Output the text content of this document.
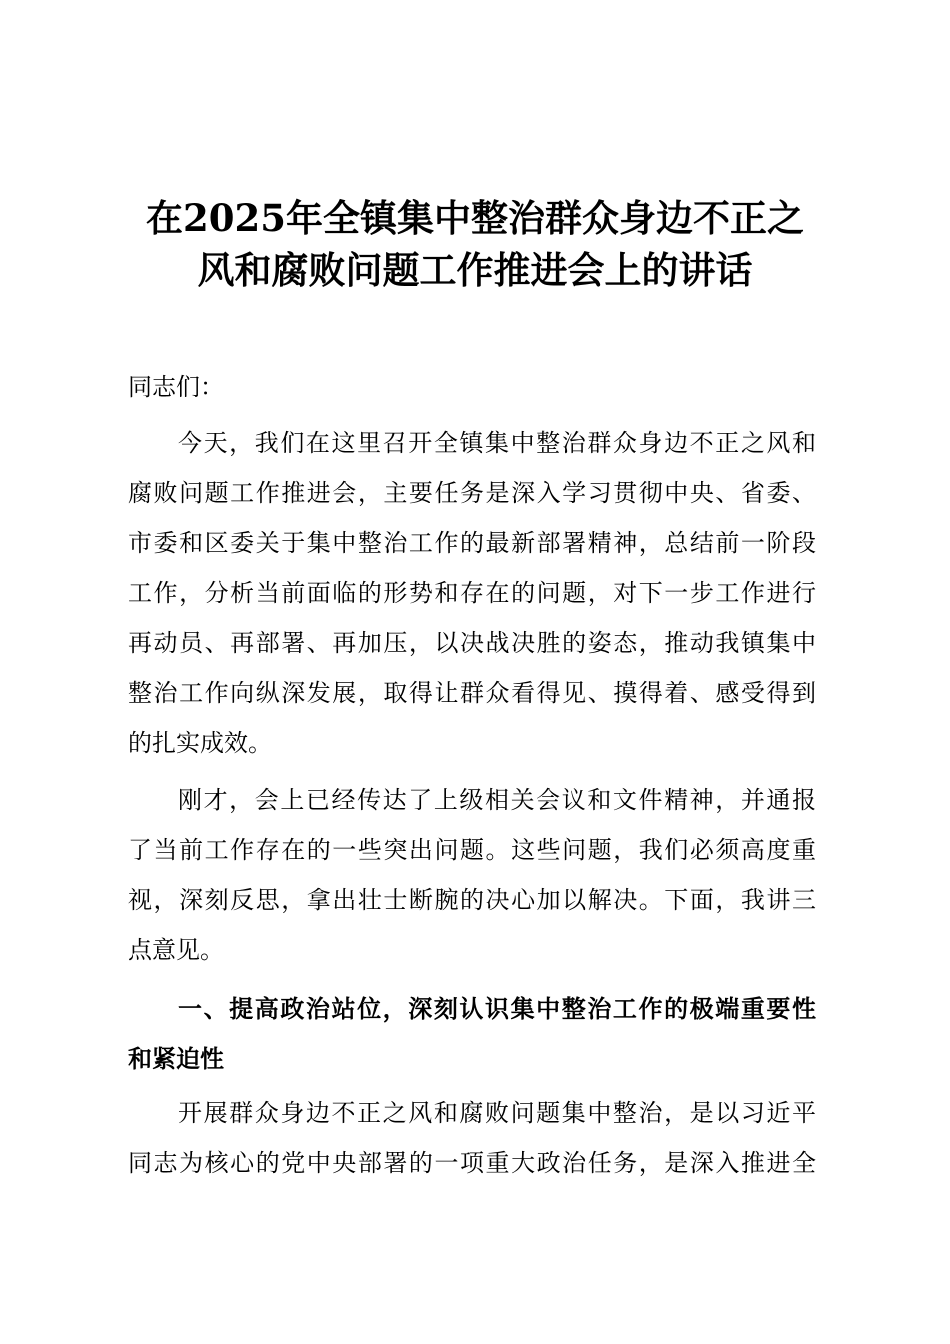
在2025年全镇集中整治群众身边不正之
风和腐败问题工作推进会上的讲话
同志们：
今天，我们在这里召开全镇集中整治群众身边不正之风和
腐败问题工作推进会，主要任务是深入学习贯彻中央、省委、
市委和区委关于集中整治工作的最新部署精神，总结前一阶段
工作，分析当前面临的形势和存在的问题，对下一步工作进行
再动员、再部署、再加压，以决战决胜的姿态，推动我镇集中
整治工作向纵深发展，取得让群众看得见、摸得着、感受得到
的扎实成效。
刚才，会上已经传达了上级相关会议和文件精神，并通报
了当前工作存在的一些突出问题。这些问题，我们必须高度重
视，深刻反思，拿出壮士断腕的决心加以解决。下面，我讲三
点意见。
一、提高政治站位，深刻认识集中整治工作的极端重要性
和紧迫性
开展群众身边不正之风和腐败问题集中整治，是以习近平
同志为核心的党中央部署的一项重大政治任务，是深入推进全
